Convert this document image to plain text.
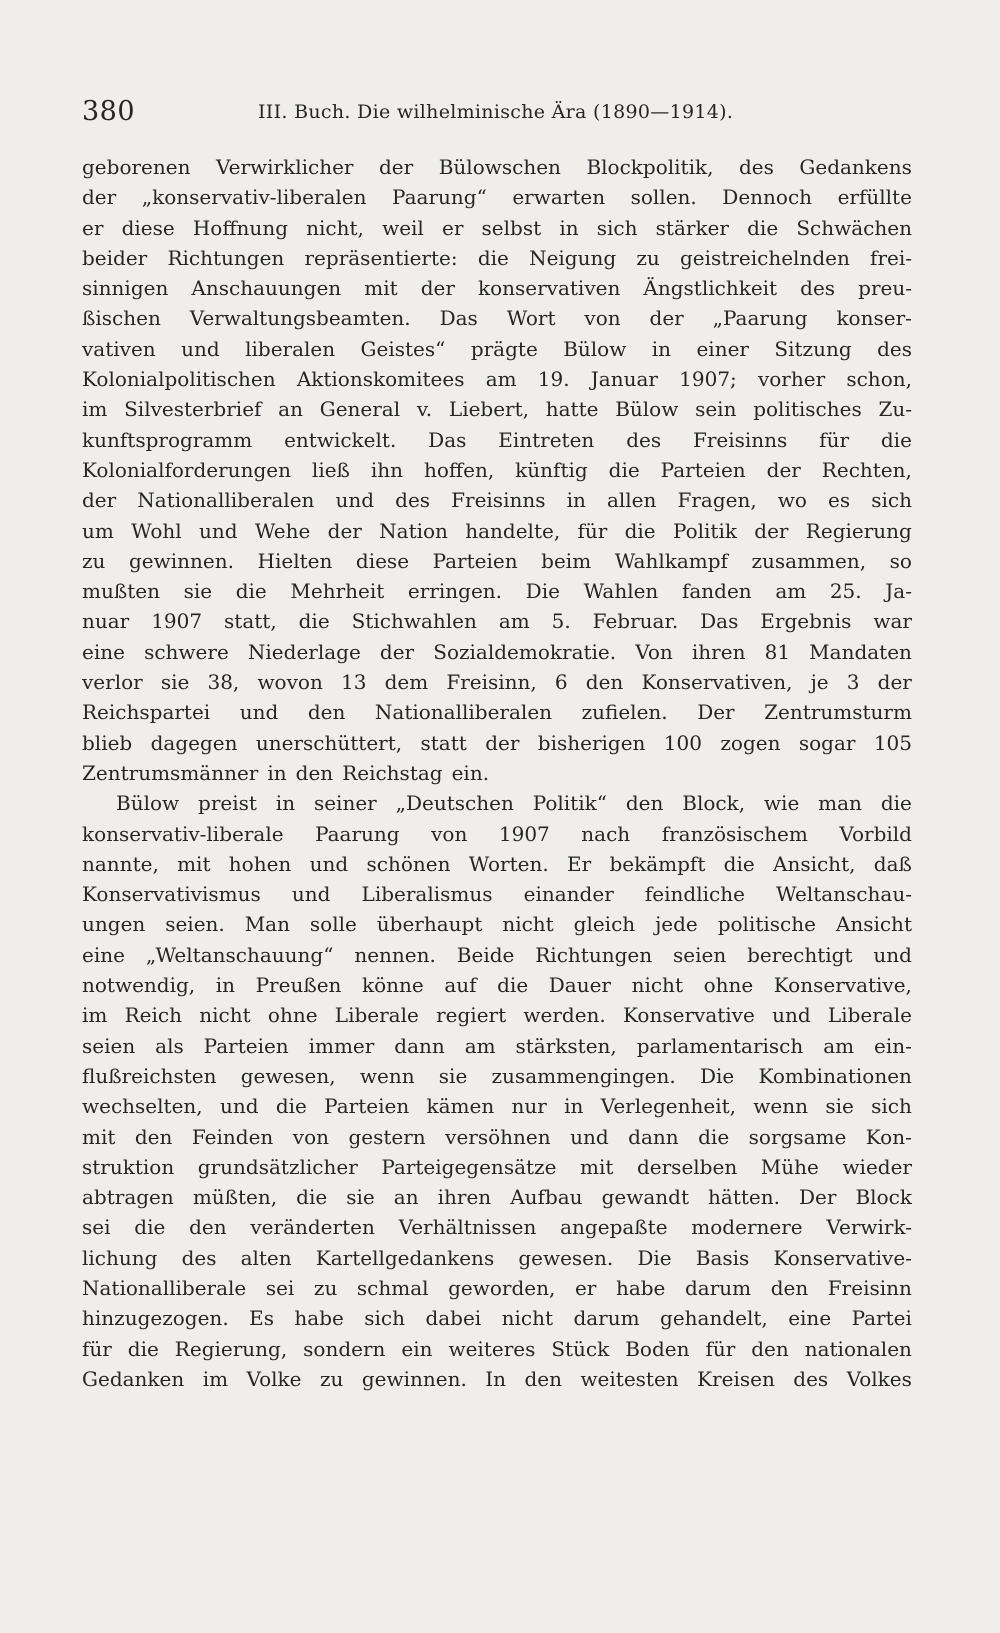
380	III. Buch. Die wilhelminische Ära (1890—1914).
geborenen Verwirklicher der Bülowschen Blockpolitik, des Gedankens
der „konservativ-liberalen Paarung“ erwarten sollen. Dennoch erfüllte
er diese Hoffnung nicht, weil er selbst in sich stärker die Schwächen
beider Richtungen repräsentierte: die Neigung zu geistreichelnden frei-
sinnigen Anschauungen mit der konservativen Ängstlichkeit des preu-
ßischen Verwaltungsbeamten. Das Wort von der „Paarung konser-
vativen und liberalen Geistes“ prägte Bülow in einer Sitzung des
Kolonialpolitischen Aktionskomitees am 19. Januar 1907; vorher schon,
im Silvesterbrief an General v. Liebert, hatte Bülow sein politisches Zu-
kunftsprogramm entwickelt. Das Eintreten des Freisinns für die
Kolonialforderungen ließ ihn hoffen, künftig die Parteien der Rechten,
der Nationalliberalen und des Freisinns in allen Fragen, wo es sich
um Wohl und Wehe der Nation handelte, für die Politik der Regierung
zu gewinnen. Hielten diese Parteien beim Wahlkampf zusammen, so
mußten sie die Mehrheit erringen. Die Wahlen fanden am 25. Ja-
nuar 1907 statt, die Stichwahlen am 5. Februar. Das Ergebnis war
eine schwere Niederlage der Sozialdemokratie. Von ihren 81 Mandaten
verlor sie 38, wovon 13 dem Freisinn, 6 den Konservativen, je 3 der
Reichspartei und den Nationalliberalen zufielen. Der Zentrumsturm
blieb dagegen unerschüttert, statt der bisherigen 100 zogen sogar 105
Zentrumsmänner in den Reichstag ein.
Bülow preist in seiner „Deutschen Politik“ den Block, wie man die
konservativ-liberale Paarung von 1907 nach französischem Vorbild
nannte, mit hohen und schönen Worten. Er bekämpft die Ansicht, daß
Konservativismus und Liberalismus einander feindliche Weltanschau-
ungen seien. Man solle überhaupt nicht gleich jede politische Ansicht
eine „Weltanschauung“ nennen. Beide Richtungen seien berechtigt und
notwendig, in Preußen könne auf die Dauer nicht ohne Konservative,
im Reich nicht ohne Liberale regiert werden. Konservative und Liberale
seien als Parteien immer dann am stärksten, parlamentarisch am ein-
flußreichsten gewesen, wenn sie zusammengingen. Die Kombinationen
wechselten, und die Parteien kämen nur in Verlegenheit, wenn sie sich
mit den Feinden von gestern versöhnen und dann die sorgsame Kon-
struktion grundsätzlicher Parteigegensätze mit derselben Mühe wieder
abtragen müßten, die sie an ihren Aufbau gewandt hätten. Der Block
sei die den veränderten Verhältnissen angepaßte modernere Verwirk-
lichung des alten Kartellgedankens gewesen. Die Basis Konservative-
Nationalliberale sei zu schmal geworden, er habe darum den Freisinn
hinzugezogen. Es habe sich dabei nicht darum gehandelt, eine Partei
für die Regierung, sondern ein weiteres Stück Boden für den nationalen
Gedanken im Volke zu gewinnen. In den weitesten Kreisen des Volkes
